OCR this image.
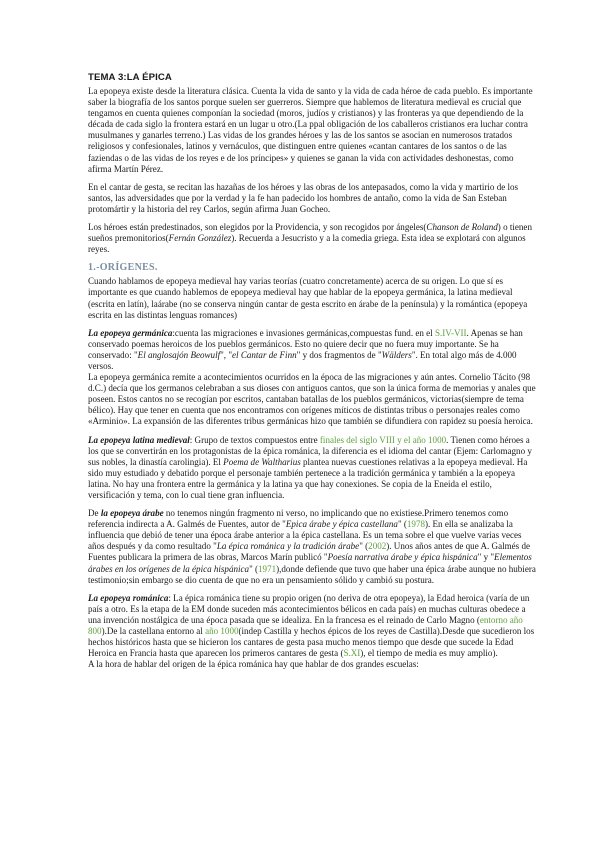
TEMA 3:LA ÉPICA

La epopeya existe desde la literatura clásica. Cuenta la vida de santo y la vida de cada héroe de cada pueblo. Es importante saber la biografía de los santos porque suelen ser guerreros. Siempre que hablemos de literatura medieval es crucial que tengamos en cuenta quienes componían la sociedad (moros, judíos y cristianos) y las fronteras ya que dependiendo de la década de cada siglo la frontera estará en un lugar u otro.(La ppal obligación de los caballeros cristianos era luchar contra musulmanes y ganarles terreno.) Las vidas de los grandes héroes y las de los santos se asocian en numerosos tratados religiosos y confesionales, latinos y vernáculos, que distinguen entre quienes «cantan cantares de los santos o de las faziendas o de las vidas de los reyes e de los príncipes» y quienes se ganan la vida con actividades deshonestas, como afirma Martín Pérez.

En el cantar de gesta, se recitan las hazañas de los héroes y las obras de los antepasados, como la vida y martirio de los santos, las adversidades que por la verdad y la fe han padecido los hombres de antaño, como la vida de San Esteban protomártir y la historia del rey Carlos, según afirma Juan Gocheo.

Los héroes están predestinados, son elegidos por la Providencia, y son recogidos por ángeles(Chanson de Roland) o tienen sueños premonitorios(Fernán González). Recuerda a Jesucristo y a la comedia griega. Esta idea se explotará con algunos reyes.

1.-ORÍGENES.

Cuando hablamos de epopeya medieval hay varias teorías (cuatro concretamente) acerca de su origen. Lo que sí es importante es que cuando hablemos de epopeya medieval hay que hablar de la epopeya germánica, la latina medieval (escrita en latín), laárabe (no se conserva ningún cantar de gesta escrito en árabe de la península) y la romántica (epopeya escrita en las distintas lenguas romances)

La epopeya germánica:cuenta las migraciones e invasiones germánicas,compuestas fund. en el S.IV-VII. Apenas se han conservado poemas heroicos de los pueblos germánicos. Esto no quiere decir que no fuera muy importante. Se ha conservado: "El anglosajón Beowulf", "el Cantar de Finn" y dos fragmentos de "Wälders". En total algo más de 4.000 versos.

La epopeya germánica remite a acontecimientos ocurridos en la época de las migraciones y aún antes. Cornelio Tácito (98 d.C.) decía que los germanos celebraban a sus dioses con antiguos cantos, que son la única forma de memorias y anales que poseen. Estos cantos no se recogían por escritos, cantaban batallas de los pueblos germánicos, victorias(siempre de tema bélico). Hay que tener en cuenta que nos encontramos con orígenes míticos de distintas tribus o personajes reales como «Arminio». La expansión de las diferentes tribus germánicas hizo que también se difundiera con rapidez su poesía heroica.

La epopeya latina medieval: Grupo de textos compuestos entre finales del siglo VIII y el año 1000. Tienen como héroes a los que se convertirán en los protagonistas de la épica románica, la diferencia es el idioma del cantar (Ejem: Carlomagno y sus nobles, la dinastía carolingia). El Poema de Waltharius plantea nuevas cuestiones relativas a la epopeya medieval. Ha sido muy estudiado y debatido porque el personaje también pertenece a la tradición germánica y también a la epopeya latina. No hay una frontera entre la germánica y la latina ya que hay conexiones. Se copia de la Eneida el estilo, versificación y tema, con lo cual tiene gran influencia.

De la epopeya árabe no tenemos ningún fragmento ni verso, no implicando que no existiese.Primero tenemos como referencia indirecta a A. Galmés de Fuentes, autor de "Epica árabe y épica castellana" (1978). En ella se analizaba la influencia que debió de tener una época árabe anterior a la épica castellana. Es un tema sobre el que vuelve varias veces años después y da como resultado "La épica románica y la tradición árabe" (2002). Unos años antes de que A. Galmés de Fuentes publicara la primera de las obras, Marcos Marín publicó "Poesía narrativa árabe y épica hispánica" y "Elementos árabes en los orígenes de la épica hispánica" (1971),donde defiende que tuvo que haber una épica árabe aunque no hubiera testimonio;sin embargo se dio cuenta de que no era un pensamiento sólido y cambió su postura.

La epopeya románica: La épica románica tiene su propio origen (no deriva de otra epopeya), la Edad heroica (varía de un país a otro. Es la etapa de la EM donde suceden más acontecimientos bélicos en cada país) en muchas culturas obedece a una invención nostálgica de una época pasada que se idealiza. En la francesa es el reinado de Carlo Magno (entorno año 800).De la castellana entorno al año 1000(indep Castilla y hechos épicos de los reyes de Castilla).Desde que sucedieron los hechos históricos hasta que se hicieron los cantares de gesta pasa mucho menos tiempo que desde que sucede la Edad Heroica en Francia hasta que aparecen los primeros cantares de gesta (S.XI), el tiempo de media es muy amplio).

A la hora de hablar del origen de la épica románica hay que hablar de dos grandes escuelas:
